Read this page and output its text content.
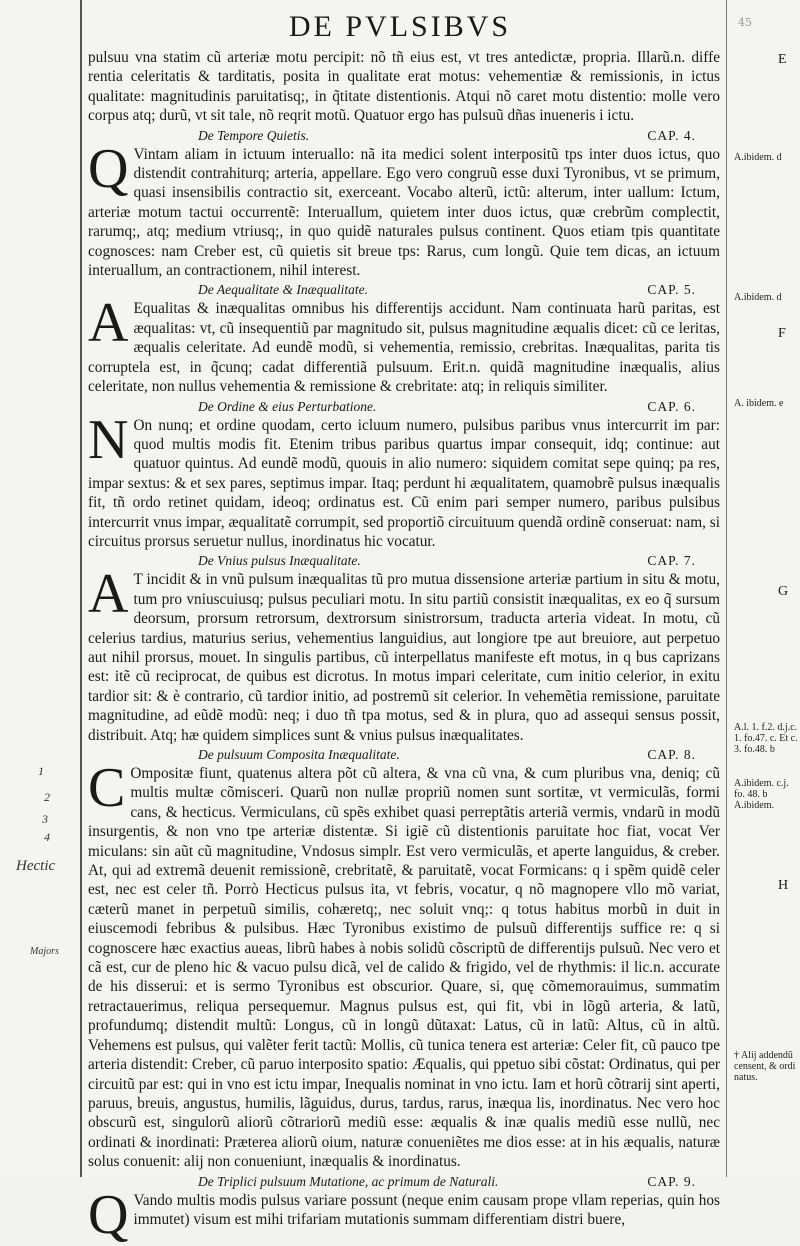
DE PVLSIBVS	45

pulsuu vna statim cũ arteriæ motu percipit: nõ tñ eius est, vt tres antedictæ, propria. Illarũ.n. diffe rentia celeritatis & tarditatis, posita in qualitate erat motus: vehementiæ & remissionis, in ictus qualitate: magnitudinis paruitatisq;, in q̃titate distentionis. Atqui nõ caret motu distentio: molle vero corpus atq; durũ, vt sit tale, nõ reqrit motũ. Quatuor ergo has pulsuũ dñas inueneris i ictu.

De Tempore Quietis.	CAP. 4.

Q Vintam aliam in ictuum interuallo: nã ita medici solent interpositũ tps inter duos ictus, quo distendit contrahiturq; arteria, appellare. Ego vero congruũ esse duxi Tyronibus, vt se primum, quasi insensibilis contractio sit, exerceant. Vocabo alterũ, ictũ: alterum, inter uallum: Ictum, arteriæ motum tactui occurrentẽ: Interuallum, quietem inter duos ictus, quæ crebrũm complectit, rarumq;, atq; medium vtriusq;, in quo quidẽ naturales pulsus continent. Quos etiam tpis quantitate cognosces: nam Creber est, cũ quietis sit breue tps: Rarus, cum longũ. Quie tem dicas, an ictuum interuallum, an contractionem, nihil interest.

De Aequalitate & Inæqualitate.	CAP. 5.

A Equalitas & inæqualitas omnibus his differentijs accidunt. Nam continuata harũ paritas, est æqualitas: vt, cũ insequentiũ par magnitudo sit, pulsus magnitudine æqualis dicet: cũ ce leritas, æqualis celeritate. Ad eundẽ modũ, si vehementia, remissio, crebritas. Inæqualitas, parita tis corruptela est, in q̃cunq; cadat differentiã pulsuum. Erit.n. quidã magnitudine inæqualis, alius celeritate, non nullus vehementia & remissione & crebritate: atq; in reliquis similiter.

De Ordine & eius Perturbatione.	CAP. 6.

N On nunq; et ordine quodam, certo icluum numero, pulsibus paribus vnus intercurrit im par: quod multis modis fit. Etenim tribus paribus quartus impar consequit, idq; continue: aut quatuor quintus. Ad eundẽ modũ, quouis in alio numero: siquidem comitat sepe quinq; pa res, impar sextus: & et sex pares, septimus impar. Itaq; perdunt hi æqualitatem, quamobrẽ pulsus inæqualis fit, tñ ordo retinet quidam, ideoq; ordinatus est. Cũ enim pari semper numero, paribus pulsibus intercurrit vnus impar, æqualitatẽ corrumpit, sed proportiõ circuituum quendã ordinẽ conseruat: nam, si circuitus prorsus seruetur nullus, inordinatus hic vocatur.

De Vnius pulsus Inæqualitate.	CAP. 7.

A T incidit & in vnũ pulsum inæqualitas tũ pro mutua dissensione arteriæ partium in situ & motu, tum pro vniuscuiusq; pulsus peculiari motu. In situ partiũ consistit inæqualitas, ex eo q̃ sursum deorsum, prorsum retrorsum, dextrorsum sinistrorsum, traducta arteria videat. In motu, cũ celerius tardius, maturius serius, vehementius languidius, aut longiore tpe aut breuiore, aut perpetuo aut nihil prorsus, mouet. In singulis partibus, cũ interpellatus manifeste eft motus, in q bus caprizans est: itẽ cũ reciprocat, de quibus est dicrotus. In motus impari celeritate, cum initio celerior, in exitu tardior sit: & è contrario, cũ tardior initio, ad postremũ sit celerior. In vehemẽtia remissione, paruitate magnitudine, ad eũdẽ modũ: neq; i duo tñ tpa motus, sed & in plura, quo ad assequi sensus possit, distribuit. Atq; hæ quidem simplices sunt & vnius pulsus inæqualitates.

De pulsuum Composita Inæqualitate.	CAP. 8.

C Ompositæ fiunt, quatenus altera põt cũ altera, & vna cũ vna, & cum pluribus vna, deniq; cũ multis multæ cõmisceri. Quarũ non nullæ propriũ nomen sunt sortitæ, vt vermiculãs, formi cans, & hecticus. Vermiculans, cũ spẽs exhibet quasi perreptãtis arteriã vermis, vndarũ in modũ insurgentis, & non vno tpe arteriæ distentæ. Si igiẽ cũ distentionis paruitate hoc fiat, vocat Ver miculans: sin aũt cũ magnitudine, Vndosus simplr. Est vero vermiculãs, et aperte languidus, & creber. At, qui ad extremã deuenit remissionẽ, crebritatẽ, & paruitatẽ, vocat Formicans: q i spẽm quidẽ celer est, nec est celer tñ. Porrò Hecticus pulsus ita, vt febris, vocatur, q nõ magnopere vllo mõ variat, cæterũ manet in perpetuũ similis, cohæretq;, nec soluit vnq;: q totus habitus morbũ in duit in eiuscemodi febribus & pulsibus. Hæc Tyronibus existimo de pulsuũ differentijs suffice re: q si cognoscere hæc exactius aueas, librũ habes à nobis solidũ cõscriptũ de differentijs pulsuũ. Nec vero et cã est, cur de pleno hic & vacuo pulsu dicã, vel de calido & frigido, vel de rhythmis: il lic.n. accurate de his disserui: et is sermo Tyronibus est obscurior. Quare, si, quę cõmemorauimus, summatim retractauerimus, reliqua persequemur. Magnus pulsus est, qui fit, vbi in lõgũ arteria, & latũ, profundumq; distendit multũ: Longus, cũ in longũ dũtaxat: Latus, cũ in latũ: Altus, cũ in altũ. Vehemens est pulsus, qui valẽter ferit tactũ: Mollis, cũ tunica tenera est arteriæ: Celer fit, cũ pauco tpe arteria distendit: Creber, cũ paruo interposito spatio: Æqualis, qui ppetuo sibi cõstat: Ordinatus, qui per circuitũ par est: qui in vno est ictu impar, Inequalis nominat in vno ictu. Iam et horũ cõtrarij sint aperti, paruus, breuis, angustus, humilis, lãguidus, durus, tardus, rarus, inæqua lis, inordinatus. Nec vero hoc obscurũ est, singulorũ aliorũ cõtrariorũ mediũ esse: æqualis & inæ qualis mediũ esse nullũ, nec ordinati & inordinati: Præterea aliorũ oium, naturæ conueniẽtes me dios esse: at in his æqualis, naturæ solus conuenit: alij non conueniunt, inæqualis & inordinatus.

De Triplici pulsuum Mutatione, ac primum de Naturali.	CAP. 9.

Q Vando multis modis pulsus variare possunt (neque enim causam prope vllam reperias, quin hos immutet) visum est mihi trifariam mutationis summam differentiam distri buere,

A.ibidem. d
A.ibidem. d
A. ibidem. e
A.l. 1. f.2. d.j.c. 1. fo.47. c. Et c. 3. fo.48. b
A.ibidem. c.j. fo. 48. b A.ibidem.
† Alij addendũ censent, & ordi natus.
E
F
G
H
1
2
3
4
Hectic
Majors
